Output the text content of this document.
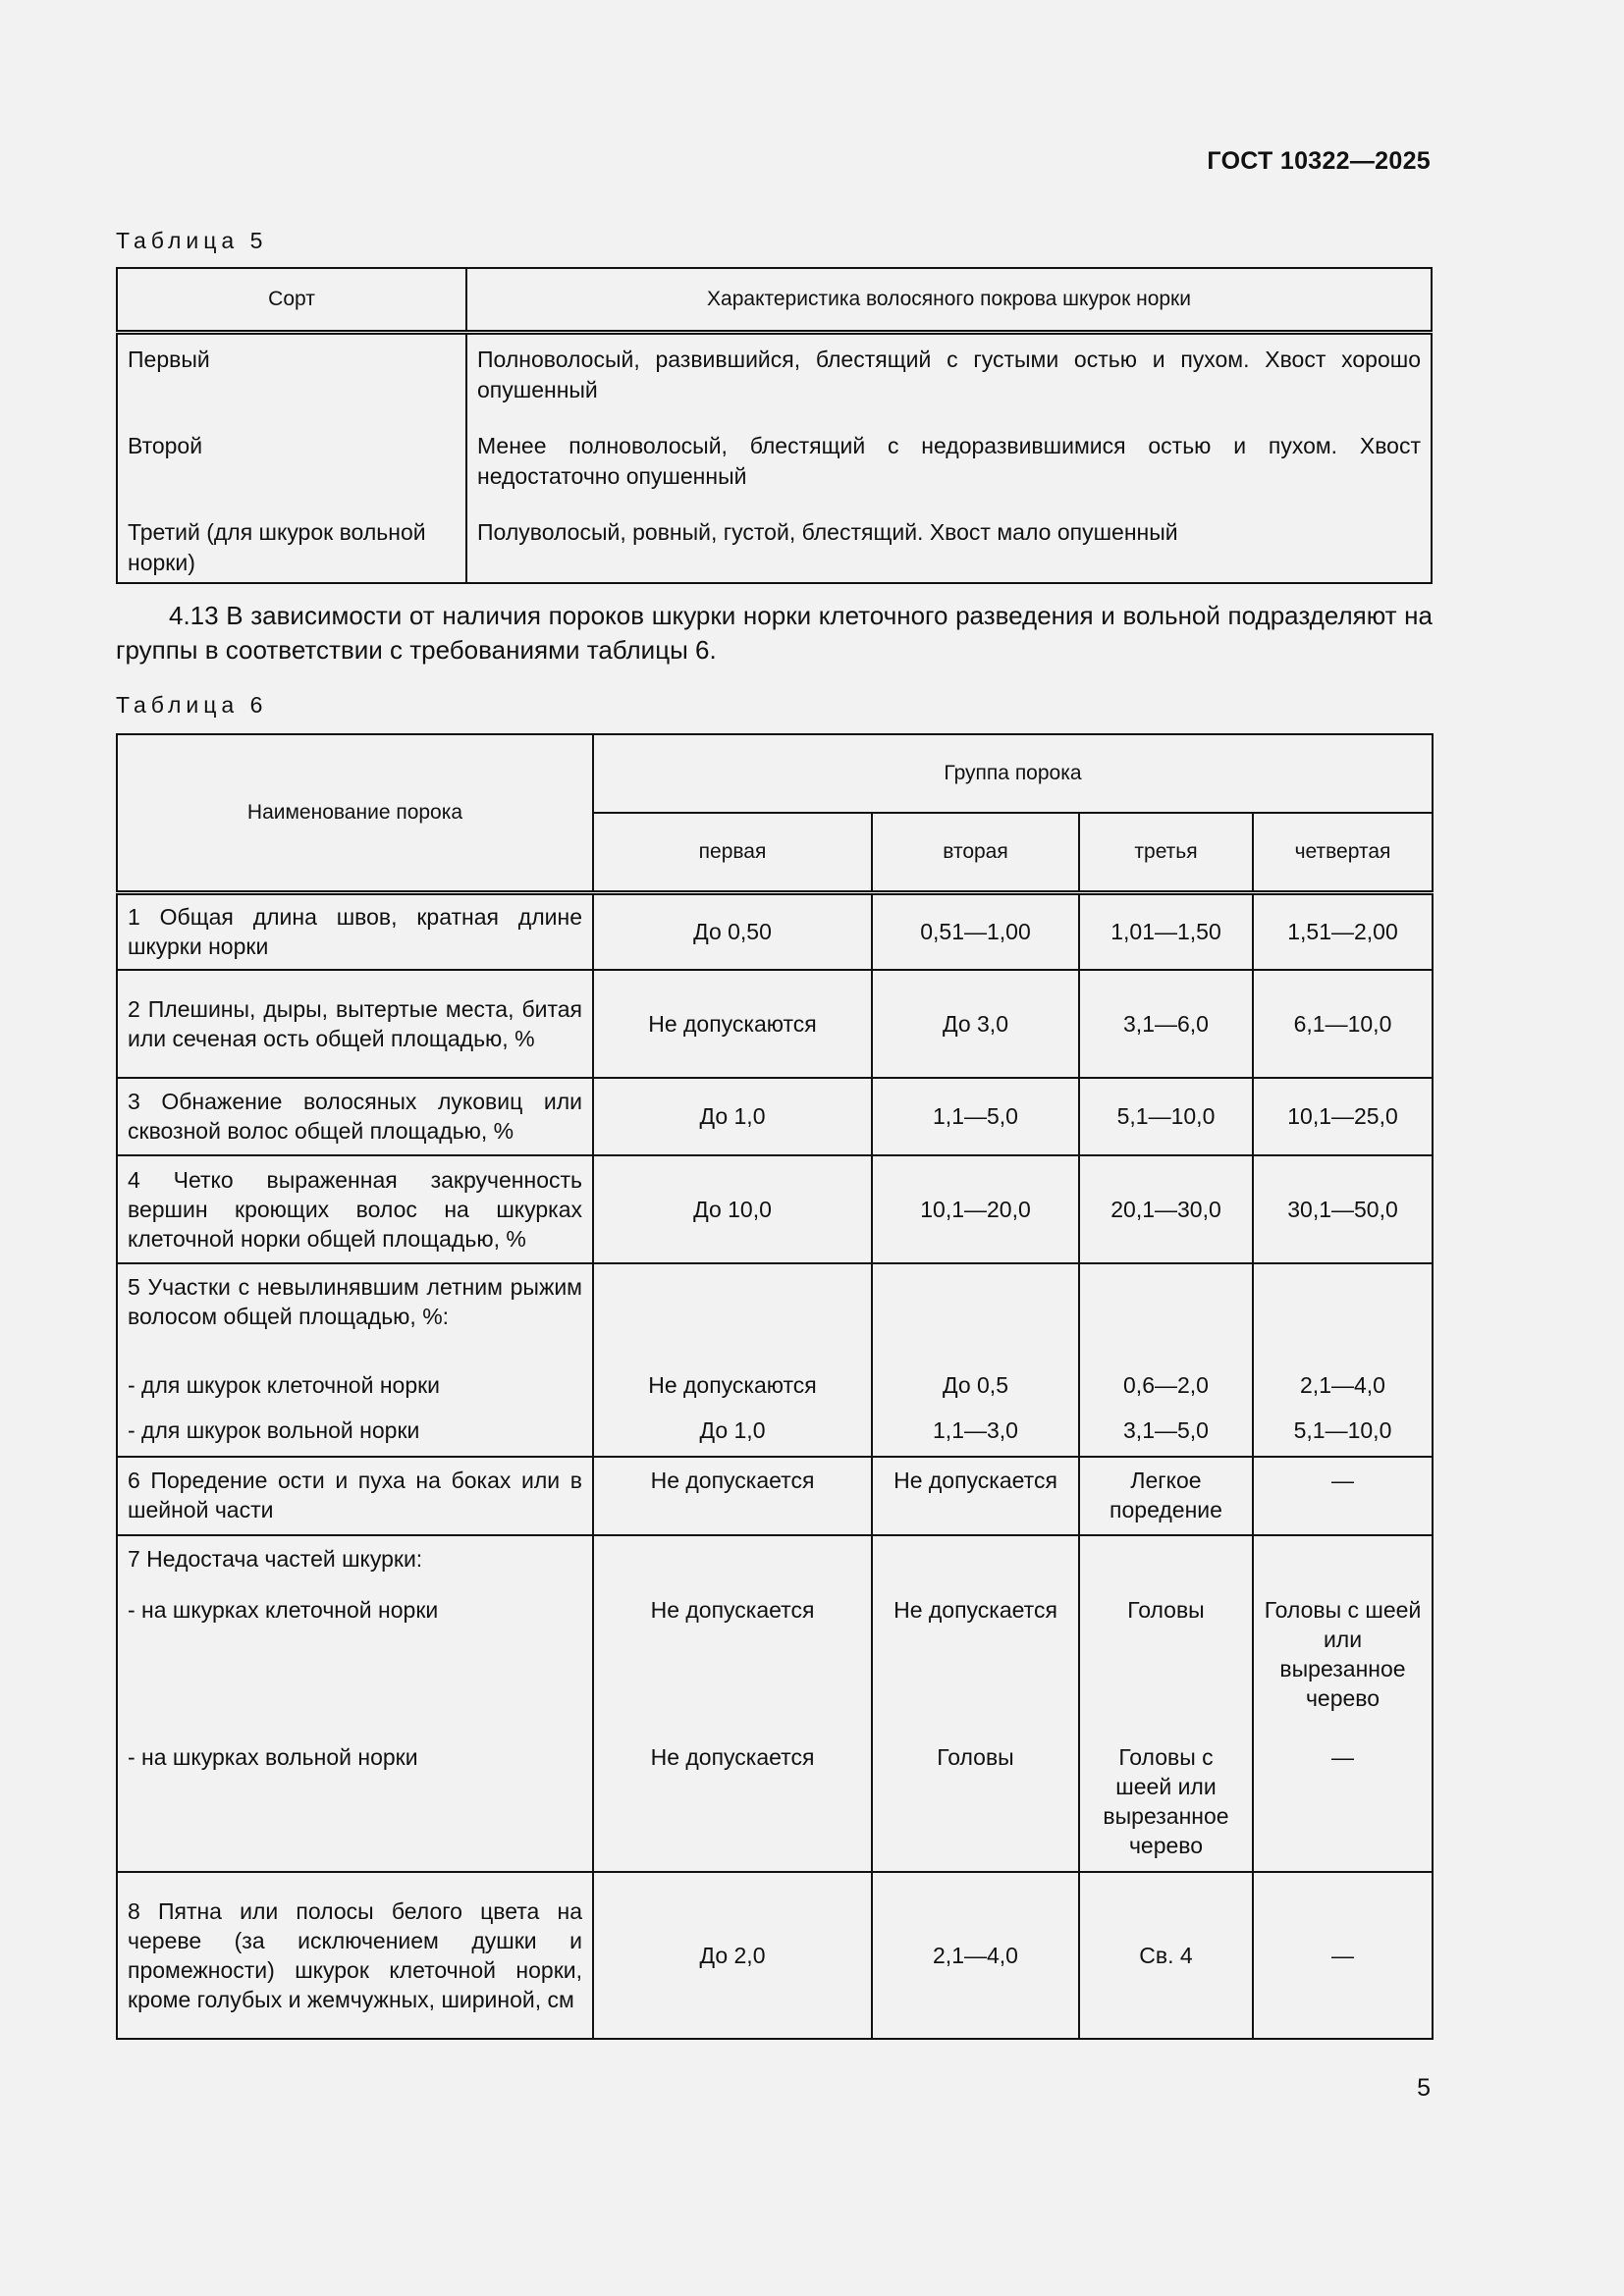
ГОСТ 10322—2025
Таблица 5
Сорт	Характеристика волосяного покрова шкурок норки
Первый	Полноволосый, развившийся, блестящий с густыми остью и пухом. Хвост хорошо опушенный
Второй	Менее полноволосый, блестящий с недоразвившимися остью и пухом. Хвост недостаточно опушенный
Третий (для шкурок вольной норки)	Полуволосый, ровный, густой, блестящий. Хвост мало опушенный
4.13 В зависимости от наличия пороков шкурки норки клеточного разведения и вольной подразделяют на группы в соответствии с требованиями таблицы 6.
Таблица 6
Наименование порока	Группа порока			
	первая	вторая	третья	четвертая
1 Общая длина швов, кратная длине шкурки норки	До 0,50	0,51—1,00	1,01—1,50	1,51—2,00
2 Плешины, дыры, вытертые места, битая или сеченая ость общей площадью, %	Не допускаются	До 3,0	3,1—6,0	6,1—10,0
3 Обнажение волосяных луковиц или сквозной волос общей площадью, %	До 1,0	1,1—5,0	5,1—10,0	10,1—25,0
4 Четко выраженная закрученность вершин кроющих волос на шкурках клеточной норки общей площадью, %	До 10,0	10,1—20,0	20,1—30,0	30,1—50,0
5 Участки с невылинявшим летним рыжим волосом общей площадью, %:				
- для шкурок клеточной норки	Не допускаются	До 0,5	0,6—2,0	2,1—4,0
- для шкурок вольной норки	До 1,0	1,1—3,0	3,1—5,0	5,1—10,0
6 Поредение ости и пуха на боках или в шейной части	Не допускается	Не допускается	Легкое поредение	—
7 Недостача частей шкурки:				
- на шкурках клеточной норки	Не допускается	Не допускается	Головы	Головы с шеей или вырезанное черево
- на шкурках вольной норки	Не допускается	Головы	Головы с шеей или вырезанное черево	—
8 Пятна или полосы белого цвета на череве (за исключением душки и промежности) шкурок клеточной норки, кроме голубых и жемчужных, шириной, см	До 2,0	2,1—4,0	Св. 4	—
5
